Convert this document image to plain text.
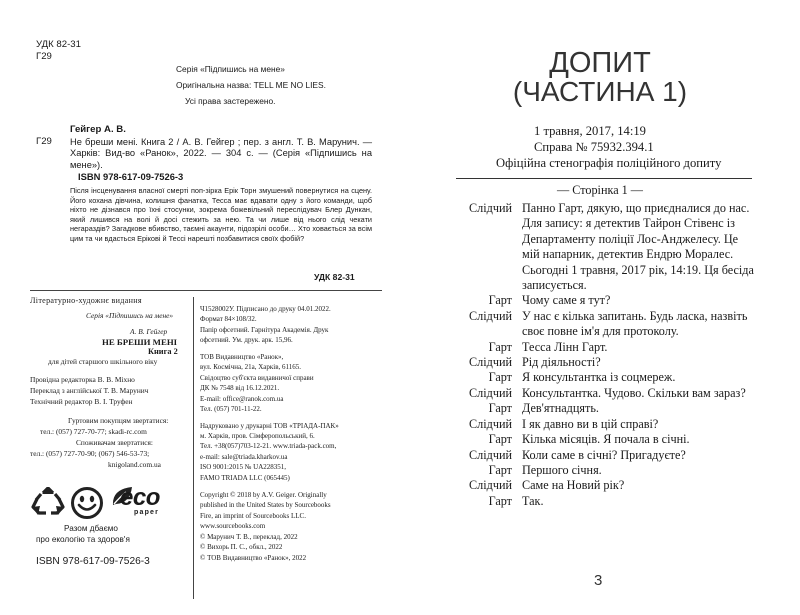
УДК 82-31

Г29

Серія «Підпишись на мене»

Оригінальна назва: TELL ME NO LIES.

Усі права застережено.

Гейгер А. В.

Г29 Не бреши мені. Книга 2 / А. В. Гейгер ; пер. з англ. Т. В. Марунич. — Харків: Вид-во «Ранок», 2022. — 304 с. — (Серія «Підпишись на мене»).

ISBN 978-617-09-7526-3

Після інсценування власної смерті поп-зірка Ерік Торн змушений повернутися на сцену. Його кохана дівчина, колишня фанатка, Тесса має вдавати одну з його команди, щоб ніхто не дізнався про їхні стосунки, зокрема божевільний переслідувач Блер Дункан, який лишився на волі й досі стежить за нею. Та чи лише від нього слід чекати негараздів? Загадкове вбивство, таємні акаунти, підозрілі особи… Хто ховається за всім цим та чи вдасться Ерікові й Тессі нарешті позбавитися своїх фобій?

УДК 82-31

Літературно-художнє видання

Серія «Підпишись на мене»

А. В. Гейгер

НЕ БРЕШИ МЕНІ

Книга 2

для дітей старшого шкільного віку

Провідна редакторка В. В. Міхно

Переклад з англійської Т. В. Марунич

Технічний редактор В. І. Труфен

Гуртовим покупцям звертатися:

тел.: (057) 727-70-77; skadi-rc.com

Споживачам звертатися:

тел.: (057) 727-70-90; (067) 546-53-73;

knigoland.com.ua

eco

paper

Разом дбаємо

про екологію та здоров'я

ISBN 978-617-09-7526-3

Ч1528002У. Підписано до друку 04.01.2022.

Формат 84×108/32.

Папір офсетний. Гарнітура Академія. Друк

офсетний. Ум. друк. арк. 15,96.

ТОВ Видавництво «Ранок»,

вул. Космічна, 21а, Харків, 61165.

Свідоцтво суб'єкта видавничої справи

ДК № 7548 від 16.12.2021.

E-mail: office@ranok.com.ua

Тел. (057) 701-11-22.

Надруковано у друкарні ТОВ «ТРІАДА-ПАК»

м. Харків, пров. Сімферопольський, 6.

Тел. +38(057)703-12-21. www.triada-pack.com,

e-mail: sale@triada.kharkov.ua

ISO 9001:2015 № UA228351,

FAMO TRIADA LLC (065445)

Copyright © 2018 by A.V. Geiger. Originally

published in the United States by Sourcebooks

Fire, an imprint of Sourcebooks LLC.

www.sourcebooks.com

© Марунич Т. В., переклад, 2022

© Вихорь П. С., обкл., 2022

© ТОВ Видавництво «Ранок», 2022

ДОПИТ

(ЧАСТИНА 1)

1 травня, 2017, 14:19

Справа № 75932.394.1

Офіційна стенографія поліційного допиту

— Сторінка 1 —

Слідчий Панно Гарт, дякую, що приєдналися до нас. Для запису: я детектив Тайрон Стівенс із Департаменту поліції Лос-Анджелесу. Це мій напарник, детектив Ендрю Моралес. Сьогодні 1 травня, 2017 рік, 14:19. Ця бесіда записується.
Гарт Чому саме я тут?
Слідчий У нас є кілька запитань. Будь ласка, назвіть своє повне ім'я для протоколу.
Гарт Тесса Лінн Гарт.
Слідчий Рід діяльності?
Гарт Я консультантка із соцмереж.
Слідчий Консультантка. Чудово. Скільки вам зараз?
Гарт Дев'ятнадцять.
Слідчий І як давно ви в цій справі?
Гарт Кілька місяців. Я почала в січні.
Слідчий Коли саме в січні? Пригадуєте?
Гарт Першого січня.
Слідчий Саме на Новий рік?
Гарт Так.

3
